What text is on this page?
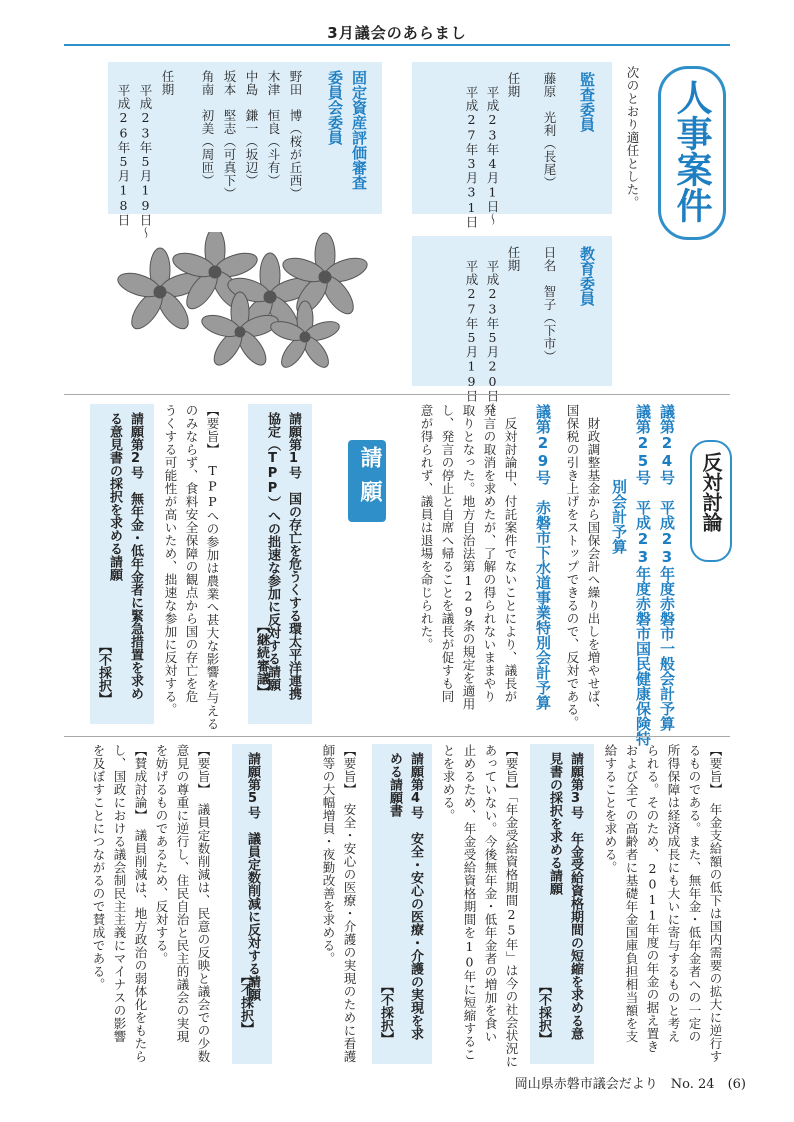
3月議会のあらまし
人事案件
次のとおり適任とした。
監査委員
藤原　光利（長尾）
任期
平成23年4月1日～
平成27年3月31日
固定資産評価審査
委員会委員
野田　博（桜が丘西）
木津　恒良（斗有）
中島　鎌一（坂辺）
坂本　堅志（可真下）
角南　初美（周匝）
任期
平成23年5月19日～
平成26年5月18日
教育委員
日名　智子（下市）
任期
平成23年5月20日～
平成27年5月19日
反対討論
議第24号　平成23年度赤磐市一般会計予算
議第25号　平成23年度赤磐市国民健康保険特
　　　　　別会計予算
　財政調整基金から国保会計へ繰り出しを増やせば、
国保税の引き上げをストップできるので、反対である。
議第29号　赤磐市下水道事業特別会計予算
　反対討論中、付託案件でないことにより、議長が
発言の取消を求めたが、了解の得られないままやり
取りとなった。地方自治法第129条の規定を適用
し、発言の停止と自席へ帰ることを議長が促すも同
意が得られず、議員は退場を命じられた。
請願
請願第1号　国の存亡を危うくする環太平洋連携
協定（TPP）への拙速な参加に反対する請願
【継続審議】
【要旨】　TPPへの参加は農業へ甚大な影響を与える
のみならず、食料安全保障の観点から国の存亡を危
うくする可能性が高いため、拙速な参加に反対する。
請願第2号　無年金・低年金者に緊急措置を求め
る意見書の採択を求める請願
【不採択】
【要旨】　年金支給額の低下は国内需要の拡大に逆行す
るものである。また、無年金・低年金者への一定の
所得保障は経済成長にも大いに寄与するものと考え
られる。そのため、2011年度の年金の据え置き
および全ての高齢者に基礎年金国庫負担相当額を支
給することを求める。
請願第3号　年金受給資格期間の短縮を求める意
見書の採択を求める請願
【不採択】
【要旨】「年金受給資格期間25年」は今の社会状況に
あっていない。今後無年金・低年金者の増加を食い
止めるため、年金受給資格期間を10年に短縮するこ
とを求める。
請願第4号　安全・安心の医療・介護の実現を求
める請願書
【不採択】
【要旨】　安全・安心の医療・介護の実現のために看護
師等の大幅増員・夜勤改善を求める。
請願第5号　議員定数削減に反対する請願
【不採択】
【要旨】　議員定数削減は、民意の反映と議会での少数
意見の尊重に逆行し、住民自治と民主的議会の実現
を妨げるものであるため、反対する。
【賛成討論】　議員削減は、地方政治の弱体化をもたら
し、国政における議会制民主主義にマイナスの影響
を及ぼすことにつながるので賛成である。
岡山県赤磐市議会だより　No. 24　(6)
